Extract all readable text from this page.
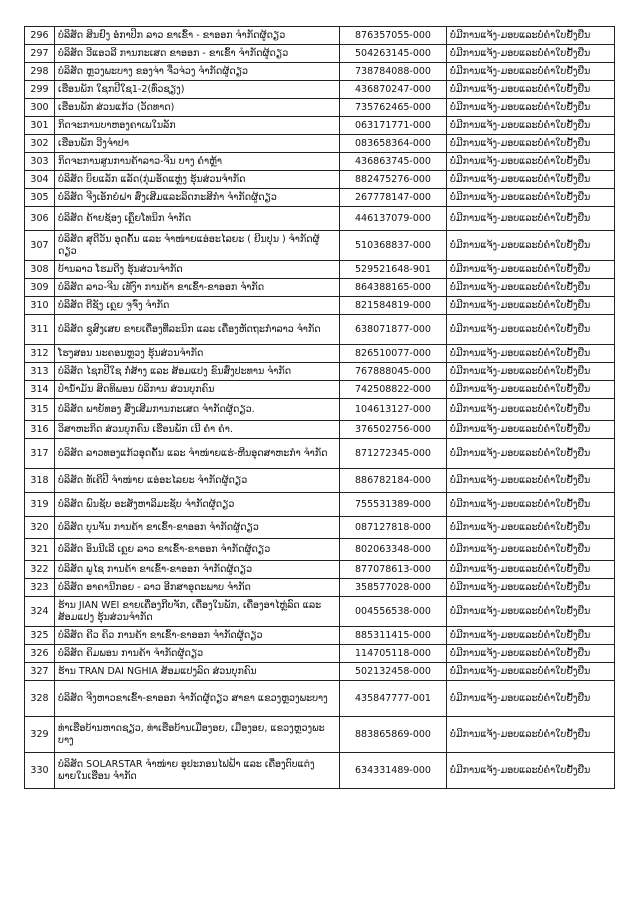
296	ບໍລິສັດ ສິນຢົງ ອໍກາປິກ ລາວ ຂາເຂົ້າ - ຂາອອກ ຈຳກັດຜູ້ດຽວ	876357055-000	ບໍ່ມີການແຈ້ງ-ມອບແລະບໍ່ຄໍາໃບຢັ້ງຢືນ
297	ບໍລິສັດ ວີແອວລີ ການກະເສດ ຂາອອກ - ຂາເຂົ້າ ຈຳກັດຜູ້ດຽວ	504263145-000	ບໍ່ມີການແຈ້ງ-ມອບແລະບໍ່ຄໍາໃບຢັ້ງຢືນ
298	ບໍລິສັດ ຫຼວງພະບາງ ຂອງຈ່າ ຈື່ວຈ່ວງ ຈຳກັດຜູ້ດຽວ	738784088-000	ບໍ່ມີການແຈ້ງ-ມອບແລະບໍ່ຄໍາໃບຢັ້ງຢືນ
299	ເຮືອນພັກ ໃຊກປີໃຊ1-2(ທົ່ວຊຽງ)	436870247-000	ບໍ່ມີການແຈ້ງ-ມອບແລະບໍ່ຄໍາໃບຢັ້ງຢືນ
300	ເຮືອນພັກ ສ່ວນແກ້ວ (ວັດທາດ)	735762465-000	ບໍ່ມີການແຈ້ງ-ມອບແລະບໍ່ຄໍາໃບຢັ້ງຢືນ
301	ກິດຈະການບາຫອງຄາເພໃນລັກ	063171771-000	ບໍ່ມີການແຈ້ງ-ມອບແລະບໍ່ຄໍາໃບຢັ້ງຢືນ
302	ເຮືອນພັກ ວີງຈຳປາ	083658364-000	ບໍ່ມີການແຈ້ງ-ມອບແລະບໍ່ຄໍາໃບຢັ້ງຢືນ
303	ກິດຈະການສູນການຄ້າລາວ-ຈີນ ບາງ ຄໍາຫຼ້າ	436863745-000	ບໍ່ມີການແຈ້ງ-ມອບແລະບໍ່ຄໍາໃບຢັ້ງຢືນ
304	ບໍລິສັດ ບິຍແລັກ ແລັດ(ກຸ່ມອັດແຫຼ່ງ ຮຸ້ນສ່ວນຈຳກັດ	882475276-000	ບໍ່ມີການແຈ້ງ-ມອບແລະບໍ່ຄໍາໃບຢັ້ງຢືນ
305	ບໍລິສັດ ຈີງເອັກຍໍຝາ ສົ່ງເສີມແລະລິດກະສິກຳ ຈຳກັດຜູ້ດຽວ	267778147-000	ບໍ່ມີການແຈ້ງ-ມອບແລະບໍ່ຄໍາໃບຢັ້ງຢືນ
306	ບໍລິສັດ ຄ້າຍຊ້ອງ ເຄຼຶຍໂທນິກ ຈຳກັດ	446137079-000	ບໍ່ມີການແຈ້ງ-ມອບແລະບໍ່ຄໍາໃບຢັ້ງຢືນ
307	ບໍລິສັດ ສຸດີວັນ ອຸດຄັ້ນ ແລະ ຈຳໜ່າຍແອ່ອະໄລຍະ ( ຍີນປຸນ ) ຈຳກັດຜູ້ດຽວ	510368837-000	ບໍ່ມີການແຈ້ງ-ມອບແລະບໍ່ຄໍາໃບຢັ້ງຢືນ
308	ບ້ານລາວ ໂຮມດີງ ຮຸ້ນສ່ວນຈຳກັດ	529521648-901	ບໍ່ມີການແຈ້ງ-ມອບແລະບໍ່ຄໍາໃບຢັ້ງຢືນ
309	ບໍລິສັດ ລາວ-ຈີນ ເທັງົາ ການຄ້າ ຂາເຂົ້າ-ຂາອອກ ຈຳກັດ	864388165-000	ບໍ່ມີການແຈ້ງ-ມອບແລະບໍ່ຄໍາໃບຢັ້ງຢືນ
310	ບໍລິສັດ ຕີຊັງ ເຄຼຍ ຈູຈົ່ງ ຈຳກັດ	821584819-000	ບໍ່ມີການແຈ້ງ-ມອບແລະບໍ່ຄໍາໃບຢັ້ງຢືນ
311	ບໍລິສັດ ຊູສົງເສຍ ຂາຍເຄື່ອງທີ່ລະນິກ ແລະ ເຄື່ອງຫັດຖະກຳລາວ ຈຳກັດ	638071877-000	ບໍ່ມີການແຈ້ງ-ມອບແລະບໍ່ຄໍາໃບຢັ້ງຢືນ
312	ໂຮງສອນ ນະຄອນຫຼວງ ຮຸ້ນສ່ວນຈຳກັດ	826510077-000	ບໍ່ມີການແຈ້ງ-ມອບແລະບໍ່ຄໍາໃບຢັ້ງຢືນ
313	ບໍລິສັດ ໄຊກປີໃຊ ກໍ່ສ້າງ ແລະ ສ້ອມແປງ ຂົນສົ່ງປະທານ ຈຳກັດ	767888045-000	ບໍ່ມີການແຈ້ງ-ມອບແລະບໍ່ຄໍາໃບຢັ້ງຢືນ
314	ປຳນ້ຳມັນ ສິດທິພອນ ບໍລິການ ສ່ວນບຸກຄົນ	742508822-000	ບໍ່ມີການແຈ້ງ-ມອບແລະບໍ່ຄໍາໃບຢັ້ງຢືນ
315	ບໍລິສັດ ພາຍັທອງ ສົ່ງເສີມການກະເສດ ຈຳກັດຜູ້ດຽວ.	104613127-000	ບໍ່ມີການແຈ້ງ-ມອບແລະບໍ່ຄໍາໃບຢັ້ງຢືນ
316	ວິສາຫະກິດ ສ່ວນບຸກຄົນ ເຮືອນພັກ ເນີ ຄຳ ຄຳ.	376502756-000	ບໍ່ມີການແຈ້ງ-ມອບແລະບໍ່ຄໍາໃບຢັ້ງຢືນ
317	ບໍລິສັດ ລາວທອງແກ້ວອຸດຄັ້ນ ແລະ ຈຳໜ່າຍແຮ່-ຫີນອຸດສາຫະກຳ ຈຳກັດ	871272345-000	ບໍ່ມີການແຈ້ງ-ມອບແລະບໍ່ຄໍາໃບຢັ້ງຢືນ
318	ບໍລິສັດ ທັເຄີປີ ຈຳໜ່າຍ ແອ່ອະໄລຍະ ຈຳກັດຜູ້ດຽວ	886782184-000	ບໍ່ມີການແຈ້ງ-ມອບແລະບໍ່ຄໍາໃບຢັ້ງຢືນ
319	ບໍລິສັດ ພົນຊັບ ອະສັງຫາລິມະຊັບ ຈຳກັດຜູ້ດຽວ	755531389-000	ບໍ່ມີການແຈ້ງ-ມອບແລະບໍ່ຄໍາໃບຢັ້ງຢືນ
320	ບໍລິສັດ ບຸນຈັນ ການຄ້າ ຂາເຂົ້າ-ຂາອອກ ຈຳກັດຜູ້ດຽວ	087127818-000	ບໍ່ມີການແຈ້ງ-ມອບແລະບໍ່ຄໍາໃບຢັ້ງຢືນ
321	ບໍລິສັດ ອິນນີເລີ ເຄຼຍ ລາວ ຂາເຂົ້າ-ຂາອອກ ຈຳກັດຜູ້ດຽວ	802063348-000	ບໍ່ມີການແຈ້ງ-ມອບແລະບໍ່ຄໍາໃບຢັ້ງຢືນ
322	ບໍລິສັດ ພູໄຊ ການຄ້າ ຂາເຂົ້າ-ຂາອອກ ຈຳກັດຜູ້ດຽວ	877078613-000	ບໍ່ມີການແຈ້ງ-ມອບແລະບໍ່ຄໍາໃບຢັ້ງຢືນ
323	ບໍລິສັດ ອາຄານີກອຍ - ລາວ ອີກສາອຸດະພາບ ຈຳກັດ	358577028-000	ບໍ່ມີການແຈ້ງ-ມອບແລະບໍ່ຄໍາໃບຢັ້ງຢືນ
324	ຮ້ານ JIAN WEI ຂາຍເຄື່ອງກີບຈັກ, ເຄື່ອງໃນພັກ, ເຄື່ອງອາໄຫຼ່ລົດ ແລະ ສ້ອມແປງ ຮຸ້ນສ່ວນຈຳກັດ	004556538-000	ບໍ່ມີການແຈ້ງ-ມອບແລະບໍ່ຄໍາໃບຢັ້ງຢືນ
325	ບໍລິສັດ ຄີວ ຄິວ ການຄ້າ ຂາເຂົ້າ-ຂາອອກ ຈຳກັດຜູ້ດຽວ	885311415-000	ບໍ່ມີການແຈ້ງ-ມອບແລະບໍ່ຄໍາໃບຢັ້ງຢືນ
326	ບໍລິສັດ ຄິມພອນ ການຄ້າ ຈຳກັດຜູ້ດຽວ	114705118-000	ບໍ່ມີການແຈ້ງ-ມອບແລະບໍ່ຄໍາໃບຢັ້ງຢືນ
327	ຮ້ານ TRAN DAI NGHIA ສ້ອມແປງລົດ ສ່ວນບຸກຄົນ	502132458-000	ບໍ່ມີການແຈ້ງ-ມອບແລະບໍ່ຄໍາໃບຢັ້ງຢືນ
328	ບໍລິສັດ ຈີງຫາວຂາເຂົ້າ-ຂາອອກ ຈຳກັດຜູ້ດຽວ ສາຂາ ແຂວງຫຼວງພະບາງ	435847777-001	ບໍ່ມີການແຈ້ງ-ມອບແລະບໍ່ຄໍາໃບຢັ້ງຢືນ
329	ທ່າເຮືອບ້ານຫາດຊຽວ, ທ່າເຮືອບ້ານເມືອງອຍ, ເມືອງອຍ, ແຂວງຫຼວງພະບາງ	883865869-000	ບໍ່ມີການແຈ້ງ-ມອບແລະບໍ່ຄໍາໃບຢັ້ງຢືນ
330	ບໍລິສັດ SOLARSTAR ຈຳໜ່າຍ ອຸປະກອນໄຟຟ້າ ແລະ ເຄື່ອງຕົບແຕ່ງພາຍໃນເຮືອນ ຈຳກັດ	634331489-000	ບໍ່ມີການແຈ້ງ-ມອບແລະບໍ່ຄໍາໃບຢັ້ງຢືນ
